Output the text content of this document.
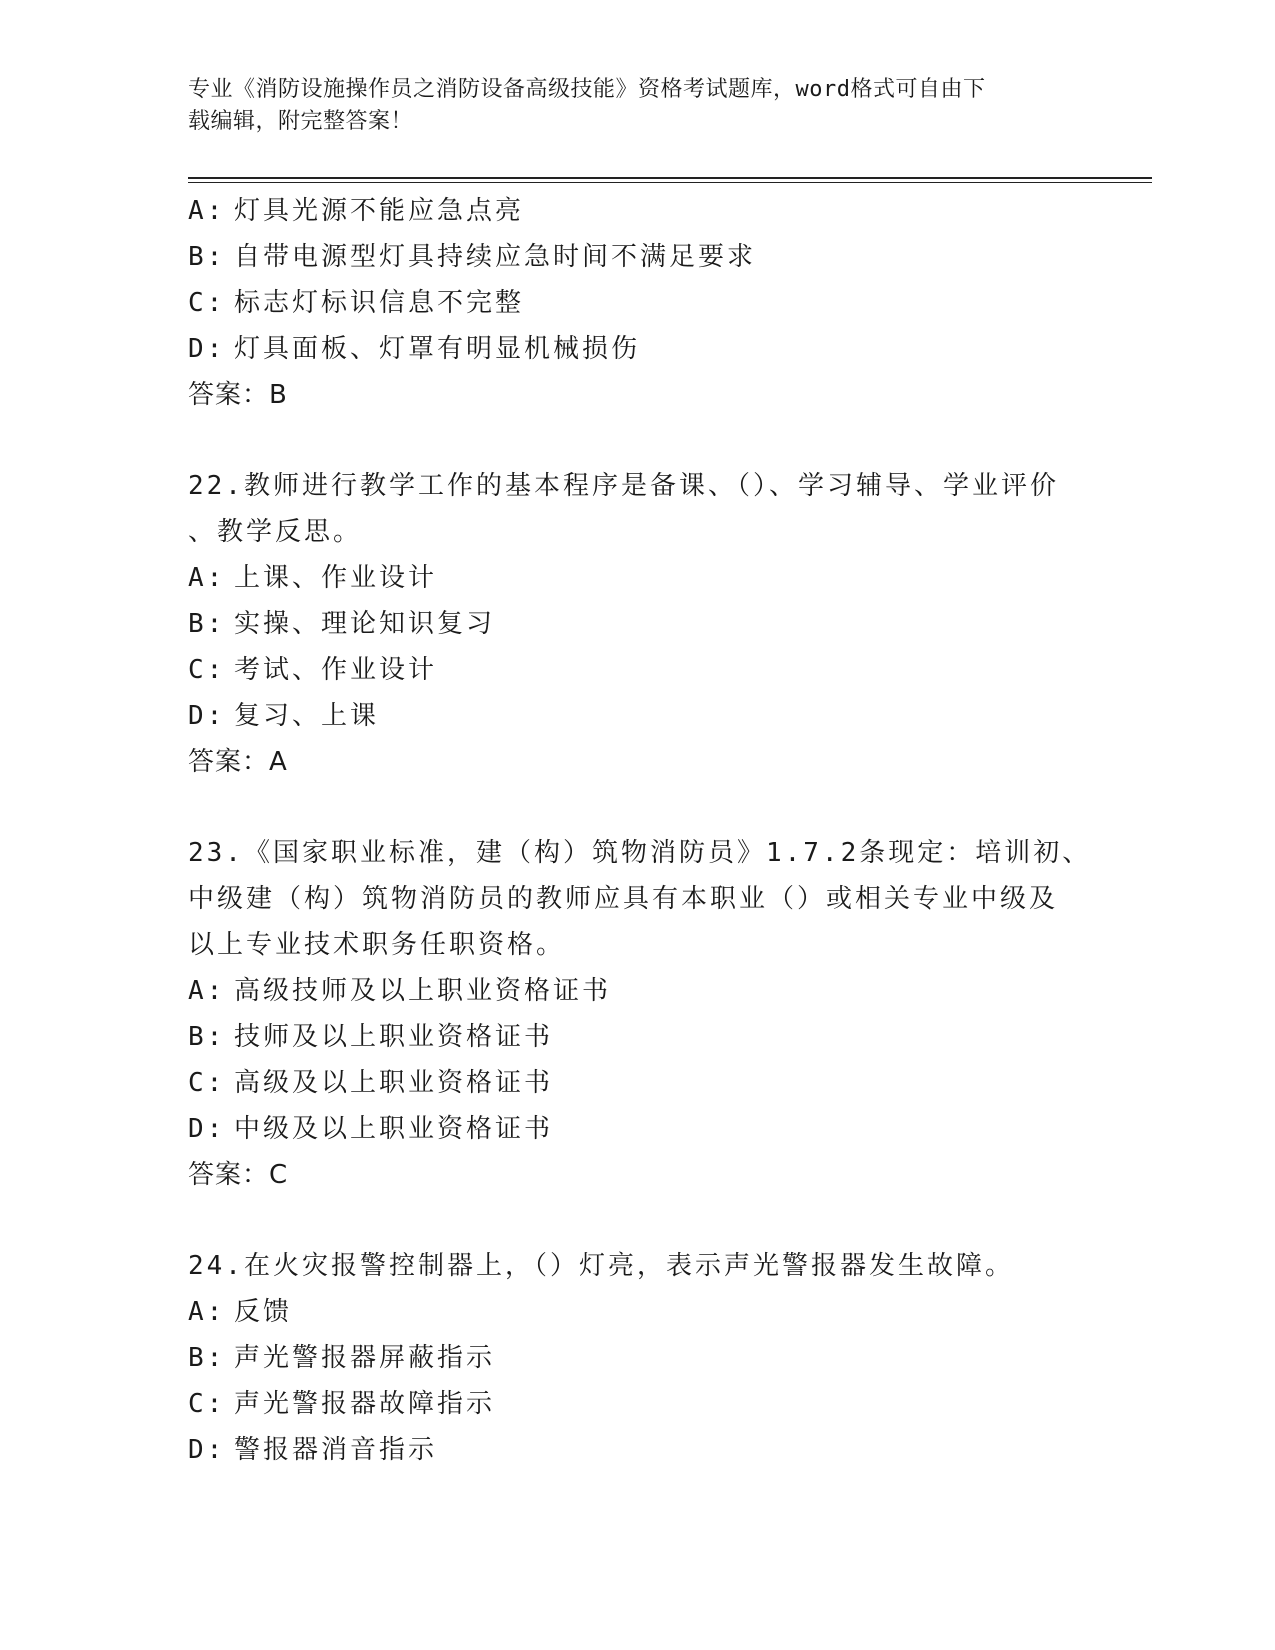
专业《消防设施操作员之消防设备高级技能》资格考试题库，word格式可自由下
载编辑，附完整答案！
A: 灯具光源不能应急点亮
B: 自带电源型灯具持续应急时间不满足要求
C: 标志灯标识信息不完整
D: 灯具面板、灯罩有明显机械损伤
答案：B
22.教师进行教学工作的基本程序是备课、（）、学习辅导、学业评价
、教学反思。
A: 上课、作业设计
B: 实操、理论知识复习
C: 考试、作业设计
D: 复习、上课
答案：A
23.《国家职业标准，建（构）筑物消防员》1.7.2条现定：培训初、
中级建（构）筑物消防员的教师应具有本职业（）或相关专业中级及
以上专业技术职务任职资格。
A: 高级技师及以上职业资格证书
B: 技师及以上职业资格证书
C: 高级及以上职业资格证书
D: 中级及以上职业资格证书
答案：C
24.在火灾报警控制器上，（）灯亮，表示声光警报器发生故障。
A: 反馈
B: 声光警报器屏蔽指示
C: 声光警报器故障指示
D: 警报器消音指示
